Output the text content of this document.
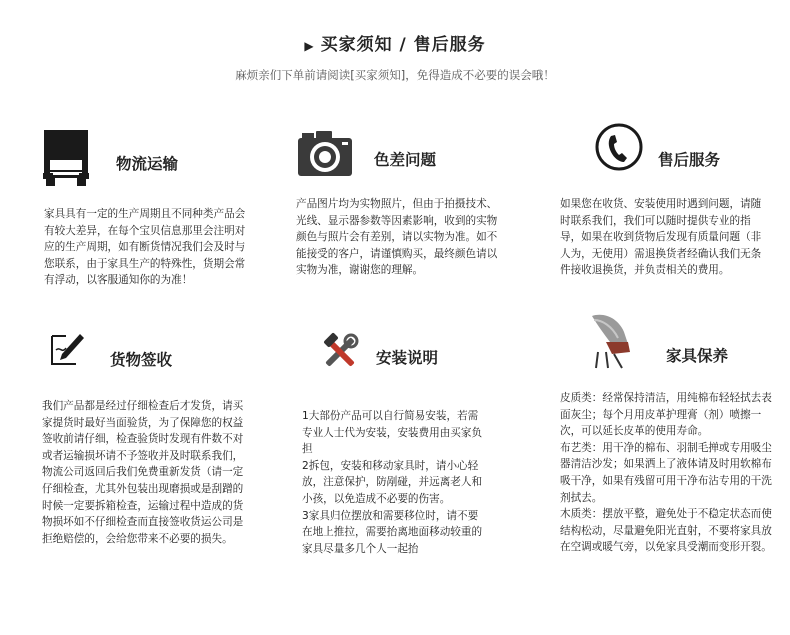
▶ 买家须知 / 售后服务
麻烦亲们下单前请阅读[买家须知]，免得造成不必要的误会哦！
物流运输

家具具有一定的生产周期且不同种类产品会有较大差异，在每个宝贝信息那里会注明对应的生产周期，如有断货情况我们会及时与您联系，由于家具生产的特殊性，货期会常有浮动，以客服通知你的为准！

色差问题

产品图片均为实物照片，但由于拍摄技术、光线、显示器参数等因素影响，收到的实物颜色与照片会有差别，请以实物为准。如不能接受的客户，请谨慎购买，最终颜色请以实物为准，谢谢您的理解。

售后服务

如果您在收货、安装使用时遇到问题，请随时联系我们，我们可以随时提供专业的指导，如果在收到货物后发现有质量问题（非人为，无使用）需退换货者经确认我们无条件接收退换货，并负责相关的费用。

货物签收

我们产品都是经过仔细检查后才发货，请买家提货时最好当面验货，为了保障您的权益签收前请仔细，检查验货时发现有件数不对或者运输损坏请不予签收并及时联系我们，物流公司返回后我们免费重新发货（请一定仔细检查，尤其外包装出现磨损或是刮蹭的时候一定要拆箱检查，运输过程中造成的货物损坏如不仔细检查而直接签收货运公司是拒绝赔偿的，会给您带来不必要的损失。

安装说明

1大部份产品可以自行简易安装，若需专业人士代为安装，安装费用由买家负担

2拆包，安装和移动家具时，请小心轻放，注意保护，防剐碰，并远离老人和小孩，以免造成不必要的伤害。

3家具归位摆放和需要移位时，请不要在地上推拉，需要抬离地面移动较重的家具尽量多几个人一起抬

家具保养

皮质类：经常保持清洁，用纯棉布轻轻拭去表面灰尘；每个月用皮革护理膏（剂）喷擦一次，可以延长皮革的使用寿命。

布艺类：用干净的棉布、羽制毛掸或专用吸尘器清洁沙发；如果洒上了液体请及时用软棉布吸干净，如果有残留可用干净布沾专用的干洗剂拭去。

木质类：摆放平整，避免处于不稳定状态而使结构松动，尽量避免阳光直射，不要将家具放在空调或暖气旁，以免家具受潮而变形开裂。
